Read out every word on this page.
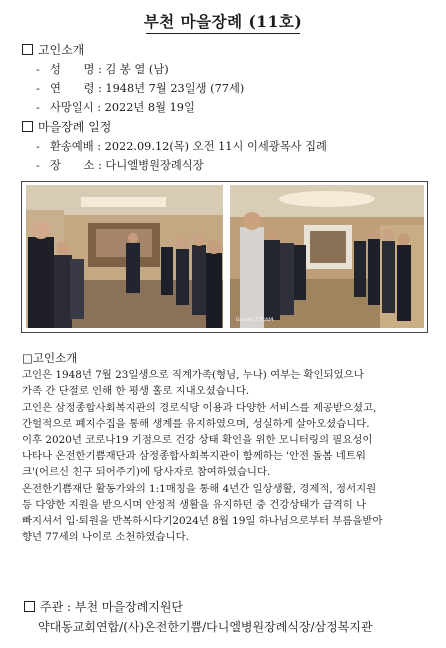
부천 마을장례 (11호)
고인소개
- 성　　명 : 김 봉 열 (남)
- 연　　령 : 1948년 7월 23일생 (77세)
- 사망일시 : 2022년 8월 19일
마을장례 일정
- 환송예배 : 2022.09.12(목) 오전 11시 이세광목사 집례
- 장　　소 : 다니엘병원장례식장
Galaxy Z Fold4

□고인소개

고인은 1948년 7월 23일생으로 직계가족(형님, 누나) 여부는 확인되었으나

가족 간 단절로 인해 한 평생 홀로 지내오셨습니다.

고인은 삼정종합사회복지관의 경로식당 이용과 다양한 서비스를 제공받으셨고,

간헐적으로 폐지수집을 통해 생계를 유지하였으며, 성실하게 살아오셨습니다.

이후 2020년 코로나19 기점으로 건강 상태 확인을 위한 모니터링의 필요성이

나타나 온전한기쁨재단과 삼정종합사회복지관이 함께하는 '안전 돌봄 네트워

크'(어르신 친구 되어주기)에 당사자로 참여하였습니다.

온전한기쁨재단 활동가와의 1:1매칭을 통해 4년간 일상생활, 경제적, 정서지원

등 다양한 지원을 받으시며 안정적 생활을 유지하던 중 건강상태가 급격히 나

빠지셔서 입·퇴원을 반복하시다기2024년 8월 19일 하나님으로부터 부름을받아

향년 77세의 나이로 소천하였습니다.

주관 : 부천 마을장례지원단
약대동교회연합/(사)온전한기쁨/다니엘병원장례식장/삼정복지관
